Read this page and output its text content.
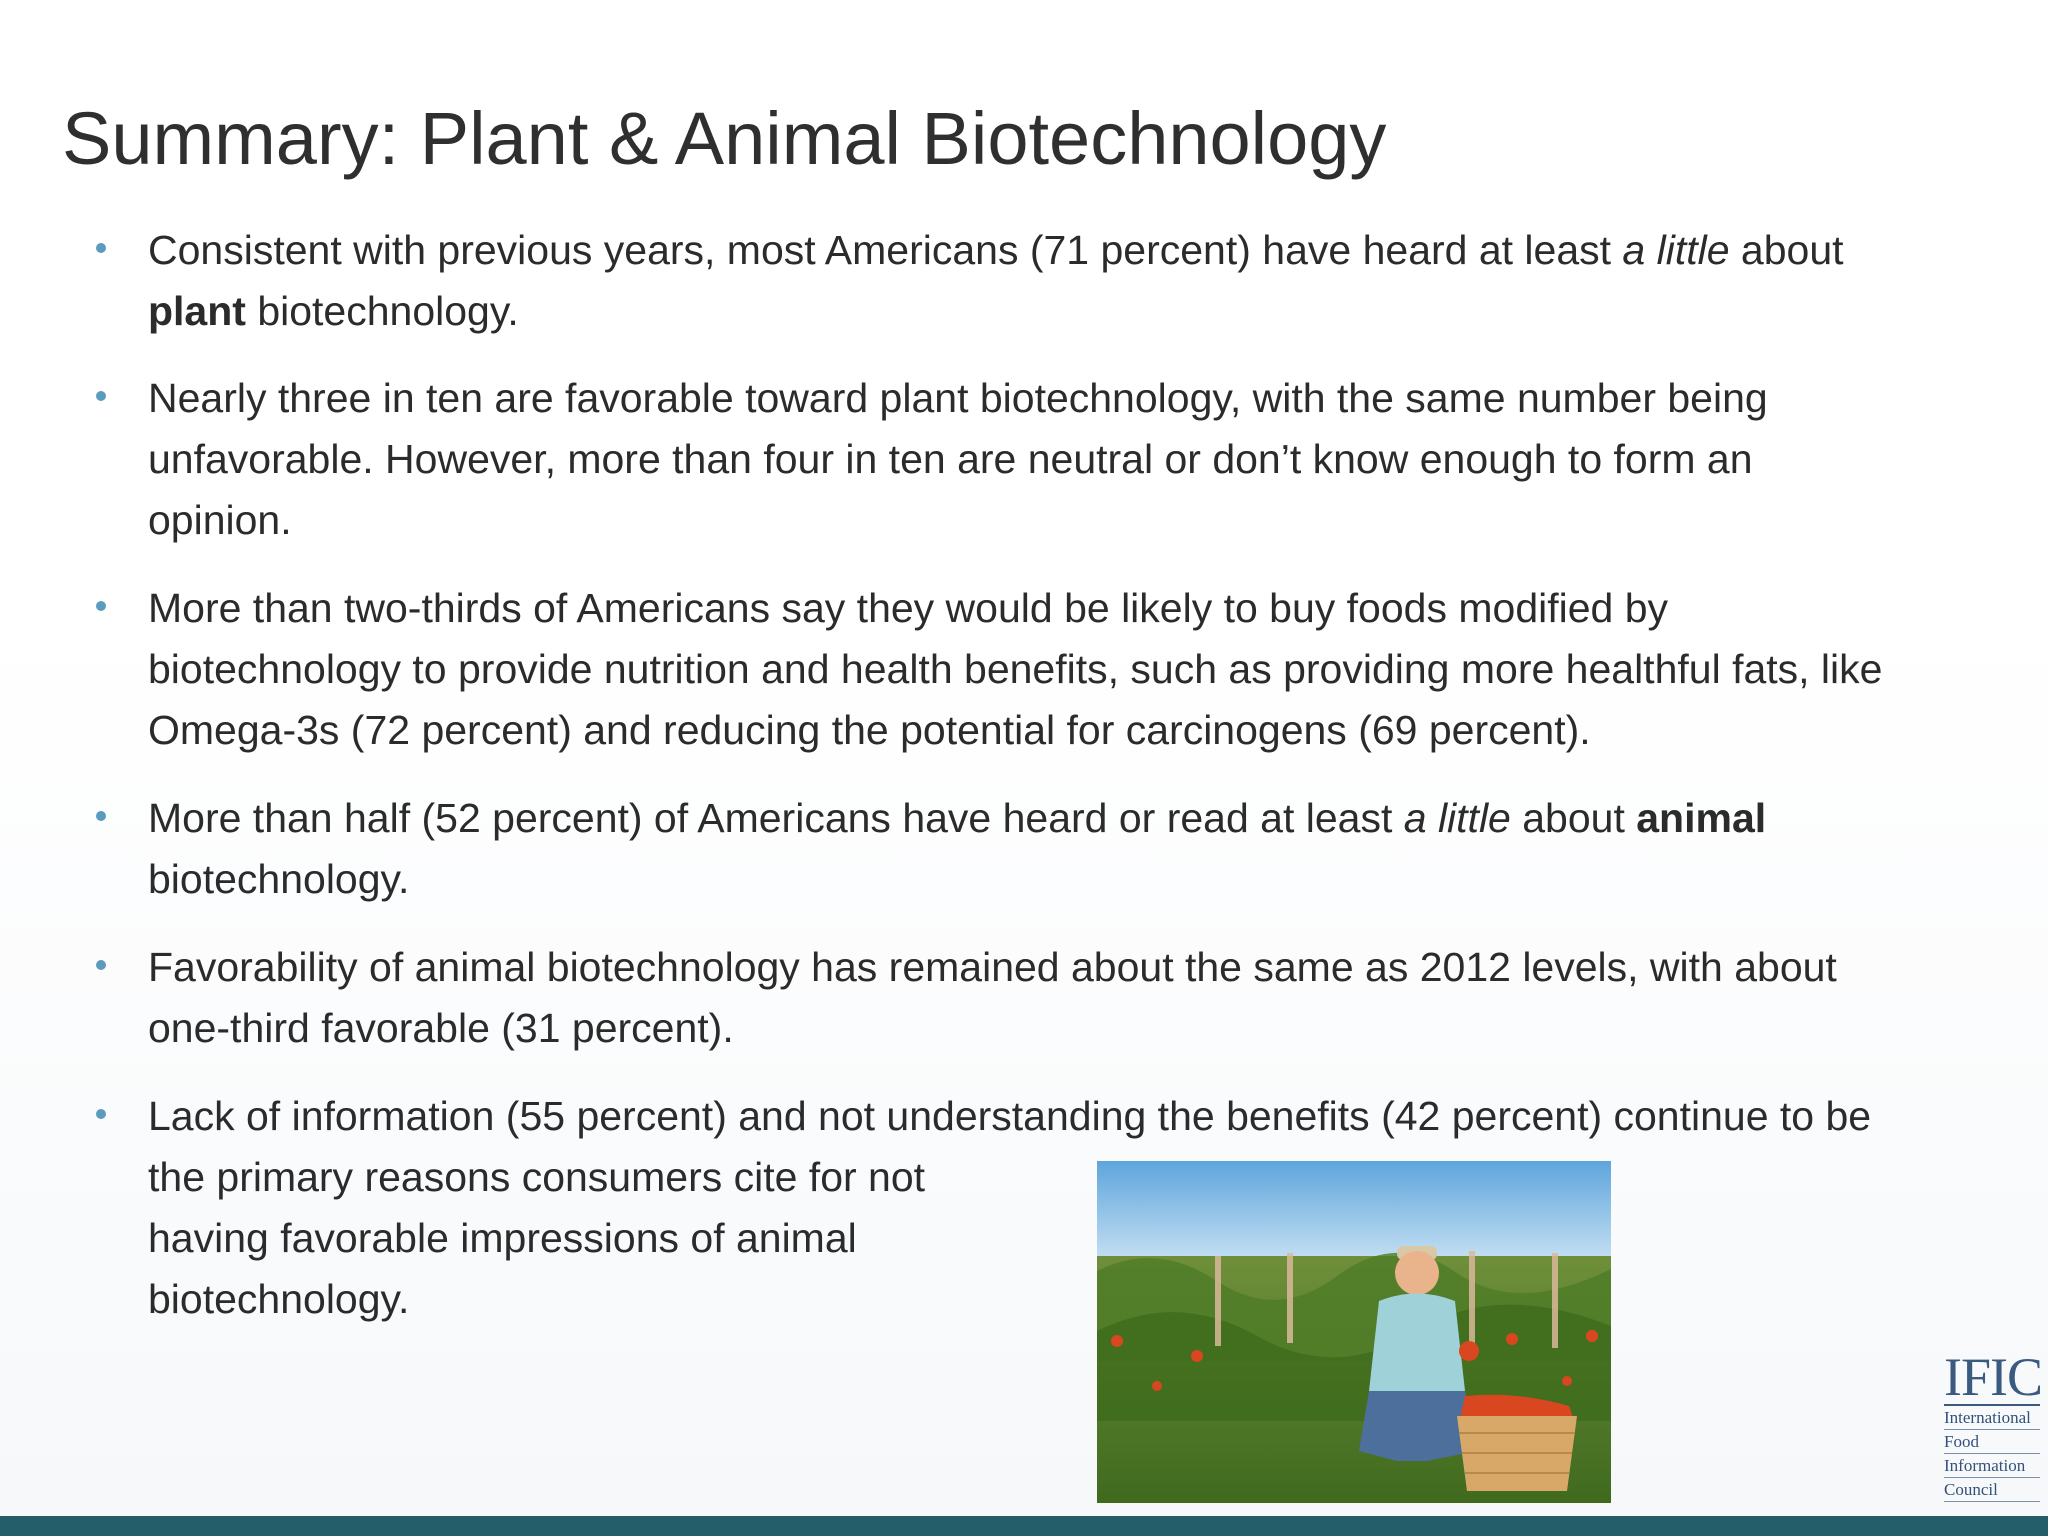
Summary: Plant & Animal Biotechnology
Consistent with previous years, most Americans (71 percent) have heard at least a little about
plant biotechnology.
Nearly three in ten are favorable toward plant biotechnology, with the same number being
unfavorable. However, more than four in ten are neutral or don’t know enough to form an
opinion.
More than two-thirds of Americans say they would be likely to buy foods modified by
biotechnology to provide nutrition and health benefits, such as providing more healthful fats, like
Omega-3s (72 percent) and reducing the potential for carcinogens (69 percent).
More than half (52 percent) of Americans have heard or read at least a little about animal
biotechnology.
Favorability of animal biotechnology has remained about the same as 2012 levels, with about
one-third favorable (31 percent).
Lack of information (55 percent) and not understanding the benefits (42 percent) continue to be
the primary reasons consumers cite for not
having favorable impressions of animal
biotechnology.
IFIC
International
Food
Information
Council
